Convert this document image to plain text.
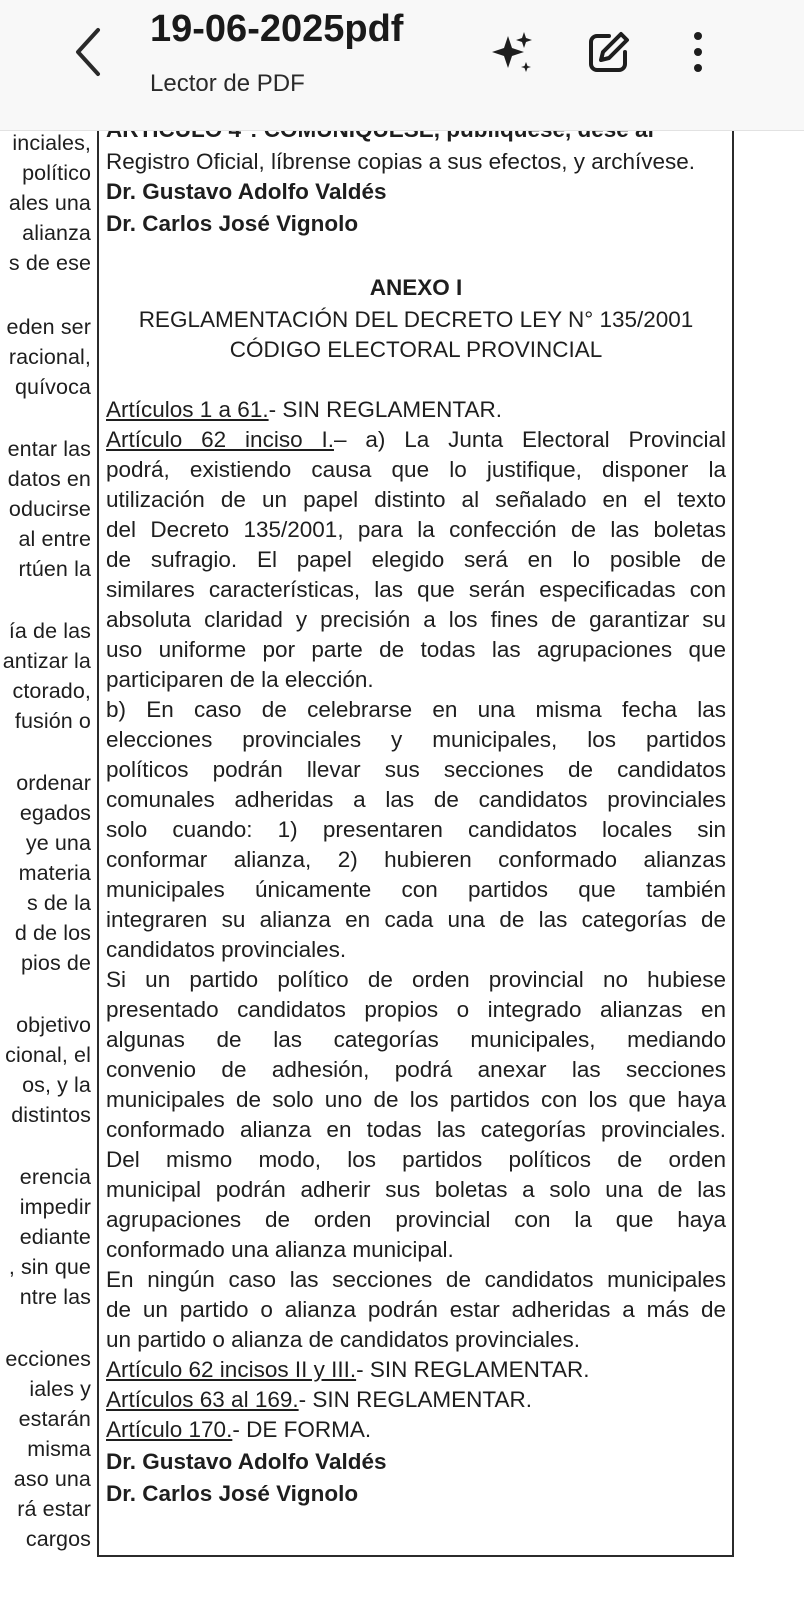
19-06-2025pdf
Lector de PDF
inciales,
político
ales una
alianza
s de ese
eden ser
racional,
quívoca
entar las
datos en
oducirse
al entre
rtúen la
ía de las
antizar la
ctorado,
fusión o
ordenar
egados
ye una
materia
s de la
d de los
pios de
objetivo
cional, el
os, y la
distintos
erencia
impedir
ediante
, sin que
ntre las
ecciones
iales y
estarán
misma
aso una
rá estar
cargos
Registro Oficial, líbrense copias a sus efectos, y archívese.
Dr. Gustavo Adolfo Valdés
Dr. Carlos José Vignolo
ANEXO I
REGLAMENTACIÓN DEL DECRETO LEY N° 135/2001
CÓDIGO ELECTORAL PROVINCIAL
Artículos 1 a 61.- SIN REGLAMENTAR.
Artículo 62 inciso I.– a) La Junta Electoral Provincial
podrá, existiendo causa que lo justifique, disponer la
utilización de un papel distinto al señalado en el texto
del Decreto 135/2001, para la confección de las boletas
de sufragio. El papel elegido será en lo posible de
similares características, las que serán especificadas con
absoluta claridad y precisión a los fines de garantizar su
uso uniforme por parte de todas las agrupaciones que
participaren de la elección.
b) En caso de celebrarse en una misma fecha las
elecciones provinciales y municipales, los partidos
políticos podrán llevar sus secciones de candidatos
comunales adheridas a las de candidatos provinciales
solo cuando: 1) presentaren candidatos locales sin
conformar alianza, 2) hubieren conformado alianzas
municipales únicamente con partidos que también
integraren su alianza en cada una de las categorías de
candidatos provinciales.
Si un partido político de orden provincial no hubiese
presentado candidatos propios o integrado alianzas en
algunas de las categorías municipales, mediando
convenio de adhesión, podrá anexar las secciones
municipales de solo uno de los partidos con los que haya
conformado alianza en todas las categorías provinciales.
Del mismo modo, los partidos políticos de orden
municipal podrán adherir sus boletas a solo una de las
agrupaciones de orden provincial con la que haya
conformado una alianza municipal.
En ningún caso las secciones de candidatos municipales
de un partido o alianza podrán estar adheridas a más de
un partido o alianza de candidatos provinciales.
Artículo 62 incisos II y III.- SIN REGLAMENTAR.
Artículos 63 al 169.- SIN REGLAMENTAR.
Artículo 170.- DE FORMA.
Dr. Gustavo Adolfo Valdés
Dr. Carlos José Vignolo
